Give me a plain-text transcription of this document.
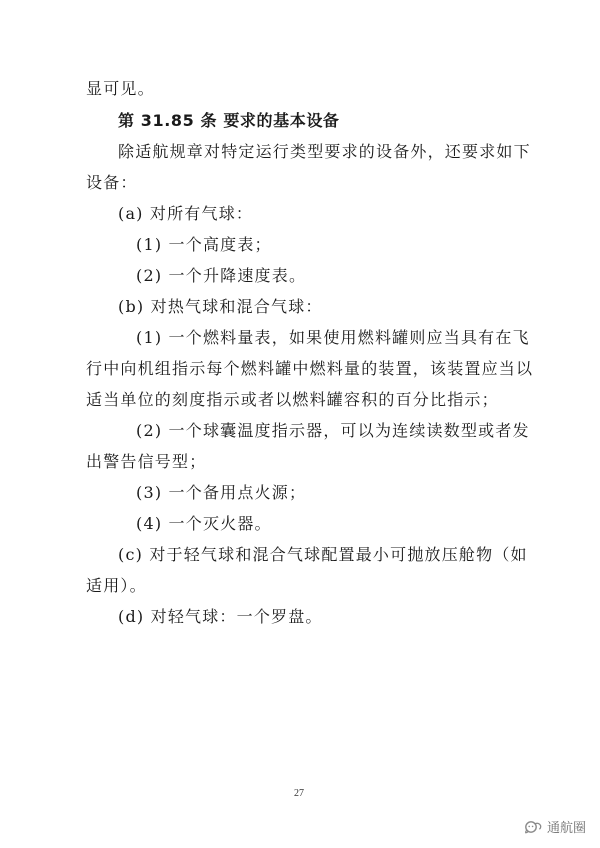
显可见。
第 31.85 条 要求的基本设备
除适航规章对特定运行类型要求的设备外，还要求如下
设备：
(a) 对所有气球：
(1) 一个高度表；
(2) 一个升降速度表。
(b) 对热气球和混合气球：
(1) 一个燃料量表，如果使用燃料罐则应当具有在飞
行中向机组指示每个燃料罐中燃料量的装置，该装置应当以
适当单位的刻度指示或者以燃料罐容积的百分比指示；
(2) 一个球囊温度指示器，可以为连续读数型或者发
出警告信号型；
(3) 一个备用点火源；
(4) 一个灭火器。
(c) 对于轻气球和混合气球配置最小可抛放压舱物（如
适用）。
(d) 对轻气球：一个罗盘。
27
通航圈
